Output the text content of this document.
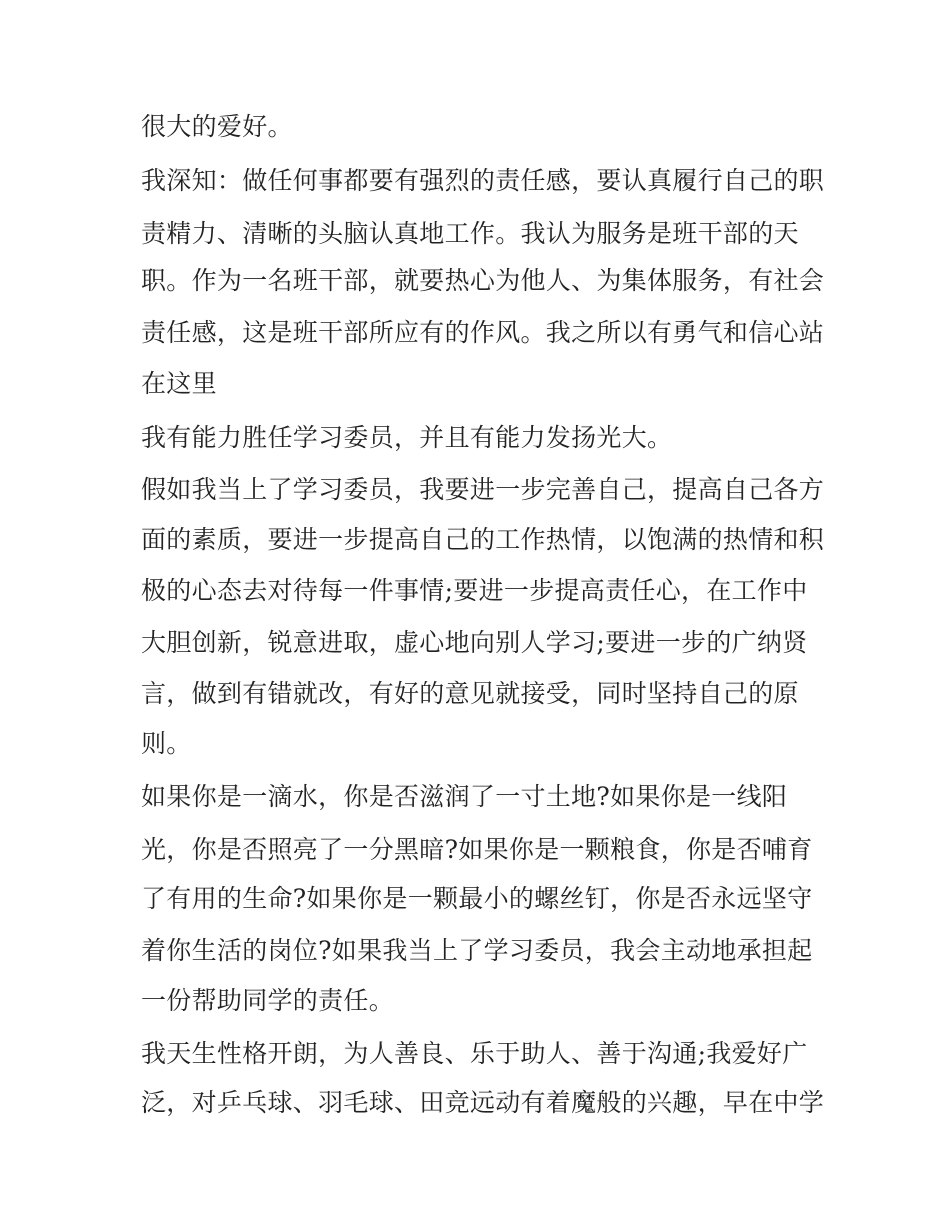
很大的爱好。
我深知：做任何事都要有强烈的责任感，要认真履行自己的职
责精力、清晰的头脑认真地工作。我认为服务是班干部的天
职。作为一名班干部，就要热心为他人、为集体服务，有社会
责任感，这是班干部所应有的作风。我之所以有勇气和信心站
在这里
我有能力胜任学习委员，并且有能力发扬光大。
假如我当上了学习委员，我要进一步完善自己，提高自己各方
面的素质，要进一步提高自己的工作热情，以饱满的热情和积
极的心态去对待每一件事情;要进一步提高责任心，在工作中
大胆创新，锐意进取，虚心地向别人学习;要进一步的广纳贤
言，做到有错就改，有好的意见就接受，同时坚持自己的原
则。
如果你是一滴水，你是否滋润了一寸土地?如果你是一线阳
光，你是否照亮了一分黑暗?如果你是一颗粮食，你是否哺育
了有用的生命?如果你是一颗最小的螺丝钉，你是否永远坚守
着你生活的岗位?如果我当上了学习委员，我会主动地承担起
一份帮助同学的责任。
我天生性格开朗，为人善良、乐于助人、善于沟通;我爱好广
泛，对乒乓球、羽毛球、田竞远动有着魔般的兴趣，早在中学
